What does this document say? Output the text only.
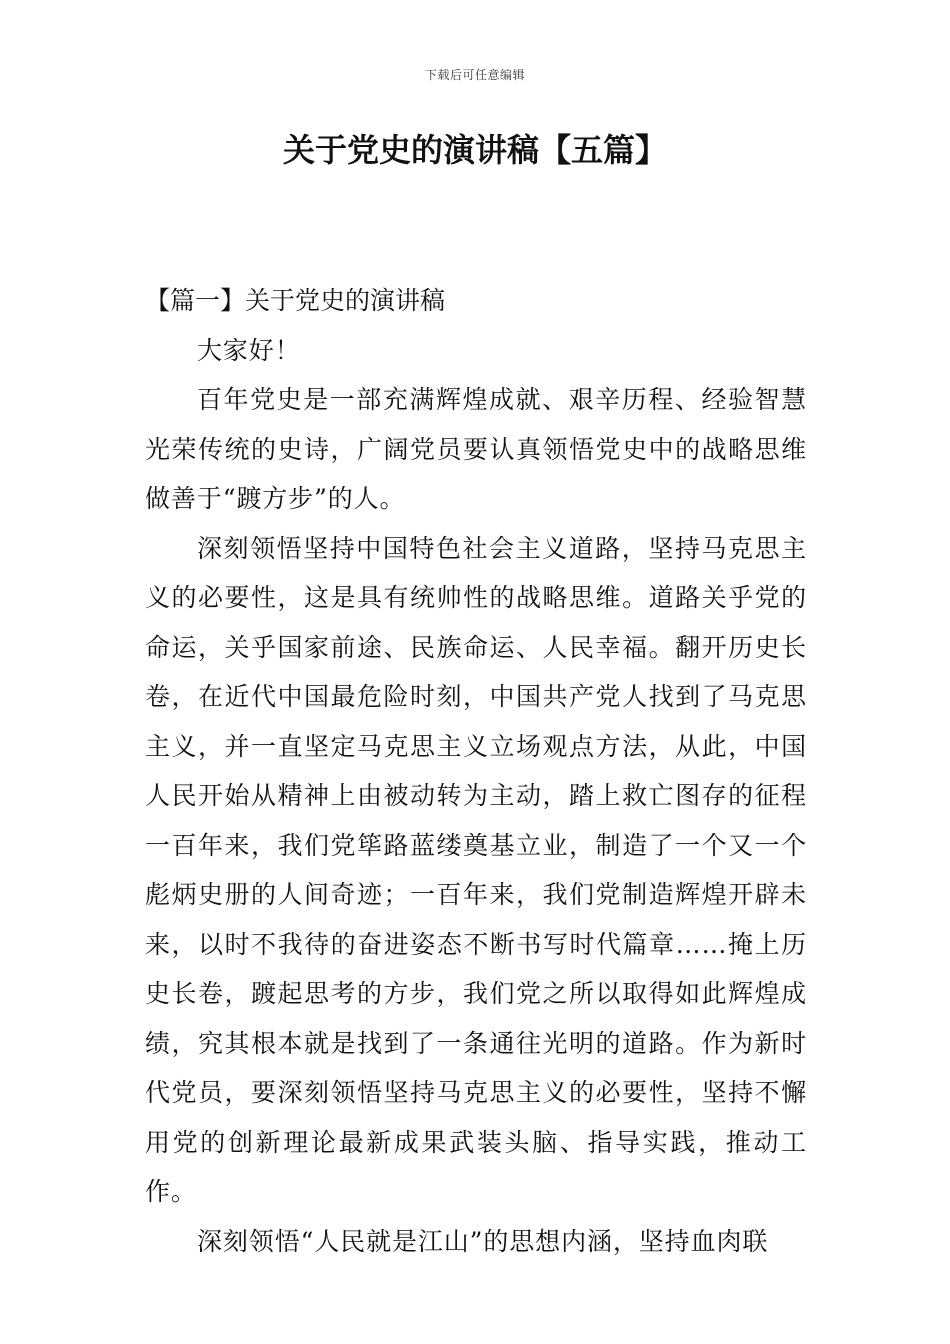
下载后可任意编辑
关于党史的演讲稿【五篇】
【篇一】关于党史的演讲稿

大家好！

百年党史是一部充满辉煌成就、艰辛历程、经验智慧光荣传统的史诗，广阔党员要认真领悟党史中的战略思维做善于“踱方步”的人。

深刻领悟坚持中国特色社会主义道路，坚持马克思主义的必要性，这是具有统帅性的战略思维。道路关乎党的命运，关乎国家前途、民族命运、人民幸福。翻开历史长卷，在近代中国最危险时刻，中国共产党人找到了马克思主义，并一直坚定马克思主义立场观点方法，从此，中国人民开始从精神上由被动转为主动，踏上救亡图存的征程一百年来，我们党筚路蓝缕奠基立业，制造了一个又一个彪炳史册的人间奇迹；一百年来，我们党制造辉煌开辟未来，以时不我待的奋进姿态不断书写时代篇章……掩上历史长卷，踱起思考的方步，我们党之所以取得如此辉煌成绩，究其根本就是找到了一条通往光明的道路。作为新时代党员，要深刻领悟坚持马克思主义的必要性，坚持不懈用党的创新理论最新成果武装头脑、指导实践，推动工作。

深刻领悟“人民就是江山”的思想内涵，坚持血肉联
